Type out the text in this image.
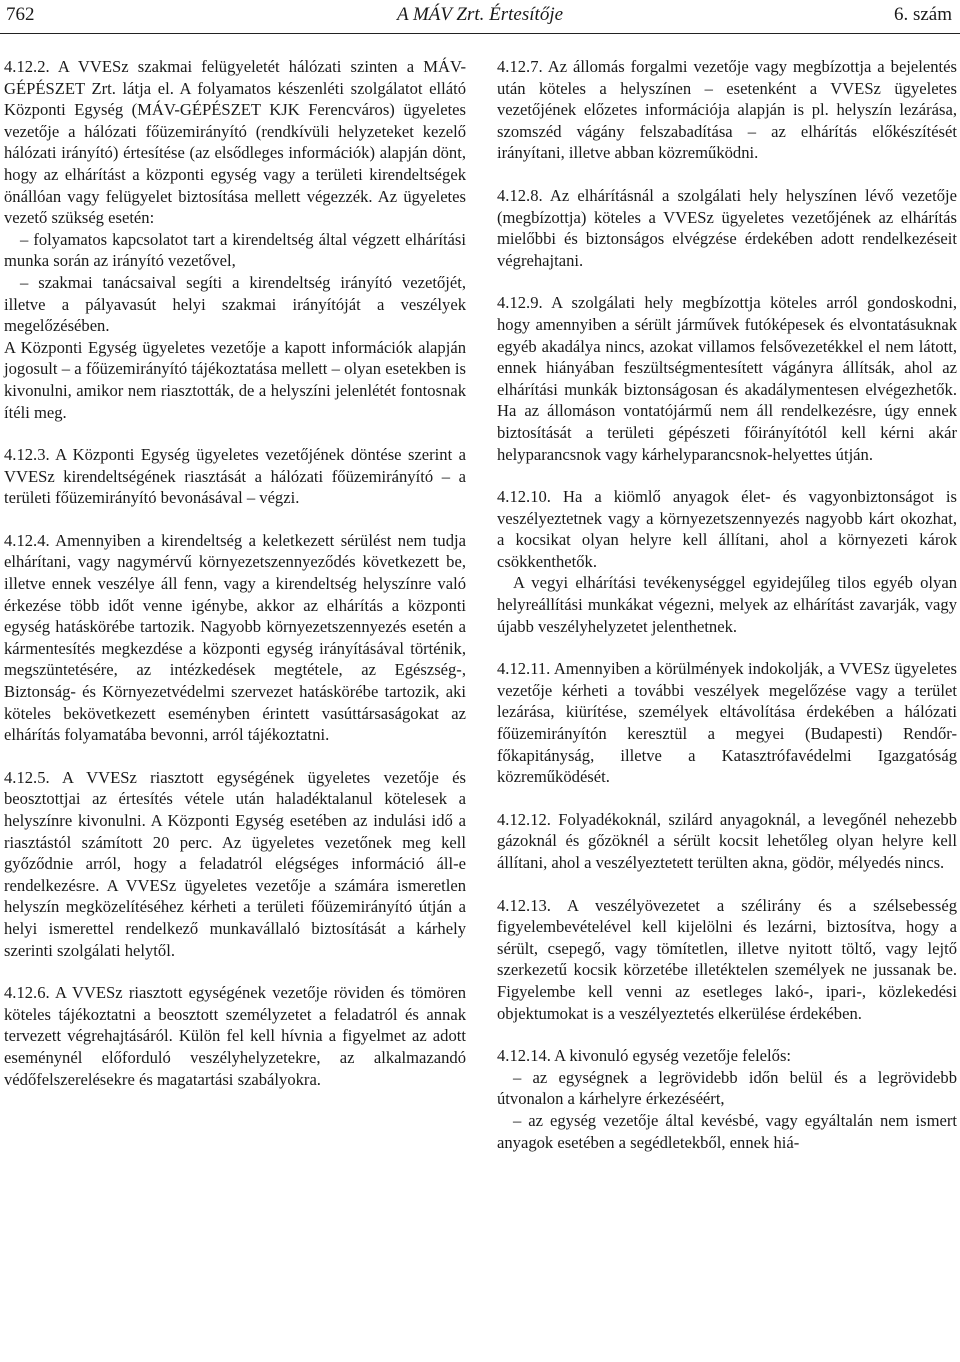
762	A MÁV Zrt. Értesítője	6. szám

4.12.2. A VVESz szakmai felügyeletét hálózati szinten a MÁV-GÉPÉSZET Zrt. látja el. A folyamatos készenléti szolgálatot ellátó Központi Egység (MÁV-GÉPÉSZET KJK Ferencváros) ügyeletes vezetője a hálózati főüzemirányító (rendkívüli helyzeteket kezelő hálózati irányító) értesítése (az elsődleges információk) alapján dönt, hogy az elhárítást a központi egység vagy a területi kirendeltségek önállóan vagy felügyelet biztosítása mellett végezzék. Az ügyeletes vezető szükség esetén:

– folyamatos kapcsolatot tart a kirendeltség által végzett elhárítási munka során az irányító vezetővel,

– szakmai tanácsaival segíti a kirendeltség irányító vezetőjét, illetve a pályavasút helyi szakmai irányítóját a veszélyek megelőzésében.

A Központi Egység ügyeletes vezetője a kapott információk alapján jogosult – a főüzemirányító tájékoztatása mellett – olyan esetekben is kivonulni, amikor nem riasztották, de a helyszíni jelenlétét fontosnak ítéli meg.

4.12.3. A Központi Egység ügyeletes vezetőjének döntése szerint a VVESz kirendeltségének riasztását a hálózati főüzemirányító – a területi főüzemirányító bevonásával – végzi.

4.12.4. Amennyiben a kirendeltség a keletkezett sérülést nem tudja elhárítani, vagy nagymérvű környezetszennyeződés következett be, illetve ennek veszélye áll fenn, vagy a kirendeltség helyszínre való érkezése több időt venne igénybe, akkor az elhárítás a központi egység hatáskörébe tartozik. Nagyobb környezetszennyezés esetén a kármentesítés megkezdése a központi egység irányításával történik, megszüntetésére, az intézkedések megtétele, az Egészség-, Biztonság- és Környezetvédelmi szervezet hatáskörébe tartozik, aki köteles bekövetkezett eseményben érintett vasúttársaságokat az elhárítás folyamatába bevonni, arról tájékoztatni.

4.12.5. A VVESz riasztott egységének ügyeletes vezetője és beosztottjai az értesítés vétele után haladéktalanul kötelesek a helyszínre kivonulni. A Központi Egység esetében az indulási idő a riasztástól számított 20 perc. Az ügyeletes vezetőnek meg kell győződnie arról, hogy a feladatról elégséges információ áll-e rendelkezésre. A VVESz ügyeletes vezetője a számára ismeretlen helyszín megközelítéséhez kérheti a területi főüzemirányító útján a helyi ismerettel rendelkező munkavállaló biztosítását a kárhely szerinti szolgálati helytől.

4.12.6. A VVESz riasztott egységének vezetője röviden és tömören köteles tájékoztatni a beosztott személyzetet a feladatról és annak tervezett végrehajtásáról. Külön fel kell hívnia a figyelmet az adott eseménynél előforduló veszélyhelyzetekre, az alkalmazandó védőfelszerelésekre és magatartási szabályokra.

4.12.7. Az állomás forgalmi vezetője vagy megbízottja a bejelentés után köteles a helyszínen – esetenként a VVESz ügyeletes vezetőjének előzetes információja alapján is pl. helyszín lezárása, szomszéd vágány felszabadítása – az elhárítás előkészítését irányítani, illetve abban közreműködni.

4.12.8. Az elhárításnál a szolgálati hely helyszínen lévő vezetője (megbízottja) köteles a VVESz ügyeletes vezetőjének az elhárítás mielőbbi és biztonságos elvégzése érdekében adott rendelkezéseit végrehajtani.

4.12.9. A szolgálati hely megbízottja köteles arról gondoskodni, hogy amennyiben a sérült járművek futóképesek és elvontatásuknak egyéb akadálya nincs, azokat villamos felsővezetékkel el nem látott, ennek hiányában feszültségmentesített vágányra állítsák, ahol az elhárítási munkák biztonságosan és akadálymentesen elvégezhetők. Ha az állomáson vontatójármű nem áll rendelkezésre, úgy ennek biztosítását a területi gépészeti főirányítótól kell kérni akár helyparancsnok vagy kárhelyparancsnok-helyettes útján.

4.12.10. Ha a kiömlő anyagok élet- és vagyonbiztonságot is veszélyeztetnek vagy a környezetszennyezés nagyobb kárt okozhat, a kocsikat olyan helyre kell állítani, ahol a környezeti károk csökkenthetők.

A vegyi elhárítási tevékenységgel egyidejűleg tilos egyéb olyan helyreállítási munkákat végezni, melyek az elhárítást zavarják, vagy újabb veszélyhelyzetet jelenthetnek.

4.12.11. Amennyiben a körülmények indokolják, a VVESz ügyeletes vezetője kérheti a további veszélyek megelőzése vagy a terület lezárása, kiürítése, személyek eltávolítása érdekében a hálózati főüzemirányítón keresztül a megyei (Budapesti) Rendőr-főkapitányság, illetve a Katasztrófavédelmi Igazgatóság közreműködését.

4.12.12. Folyadékoknál, szilárd anyagoknál, a levegőnél nehezebb gázoknál és gőzöknél a sérült kocsit lehetőleg olyan helyre kell állítani, ahol a veszélyeztetett terülten akna, gödör, mélyedés nincs.

4.12.13. A veszélyövezetet a szélirány és a szélsebesség figyelembevételével kell kijelölni és lezárni, biztosítva, hogy a sérült, csepegő, vagy tömítetlen, illetve nyitott töltő, vagy lejtő szerkezetű kocsik körzetébe illetéktelen személyek ne jussanak be. Figyelembe kell venni az esetleges lakó-, ipari-, közlekedési objektumokat is a veszélyeztetés elkerülése érdekében.

4.12.14. A kivonuló egység vezetője felelős:

– az egységnek a legrövidebb időn belül és a legrövidebb útvonalon a kárhelyre érkezéséért,

– az egység vezetője által kevésbé, vagy egyáltalán nem ismert anyagok esetében a segédletekből, ennek hiá-
